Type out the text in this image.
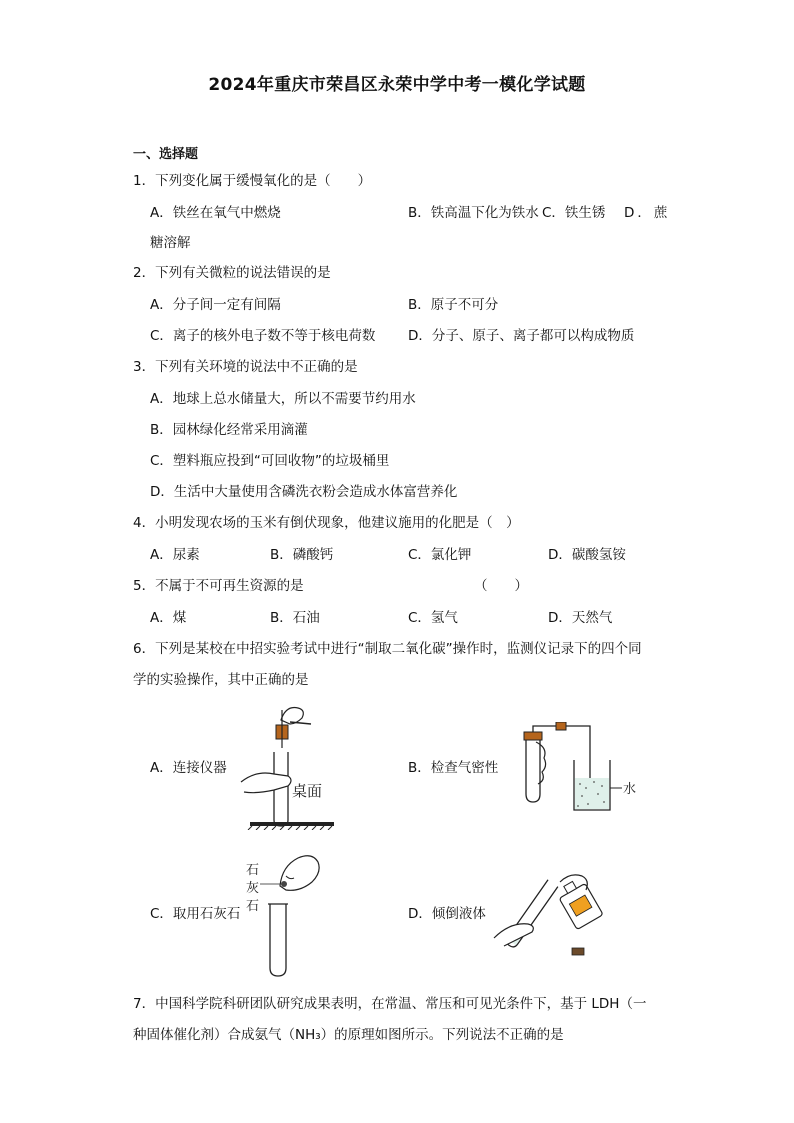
2024年重庆市荣昌区永荣中学中考一模化学试题
一、选择题
1．下列变化属于缓慢氧化的是（　　）
A．铁丝在氧气中燃烧	B．铁高温下化为铁水 C．铁生锈 D．蔗
糖溶解
2．下列有关微粒的说法错误的是
A．分子间一定有间隔	B．原子不可分
C．离子的核外电子数不等于核电荷数 D．分子、原子、离子都可以构成物质
3．下列有关环境的说法中不正确的是
A．地球上总水储量大，所以不需要节约用水
B．园林绿化经常采用滴灌
C．塑料瓶应投到“可回收物”的垃圾桶里
D．生活中大量使用含磷洗衣粉会造成水体富营养化
4．小明发现农场的玉米有倒伏现象，他建议施用的化肥是（　）
A．尿素	B．磷酸钙	C．氯化钾	D．碳酸氢铵
5．不属于不可再生资源的是	（　　）
A．煤	B．石油	C．氢气	D．天然气
6．下列是某校在中招实验考试中进行“制取二氧化碳”操作时，监测仪记录下的四个同
学的实验操作，其中正确的是
A．连接仪器	B．检查气密性
C．取用石灰石	D．倾倒液体
桌面	水
石
灰
石
7．中国科学院科研团队研究成果表明，在常温、常压和可见光条件下，基于 LDH（一
种固体催化剂）合成氨气（NH₃）的原理如图所示。下列说法不正确的是
